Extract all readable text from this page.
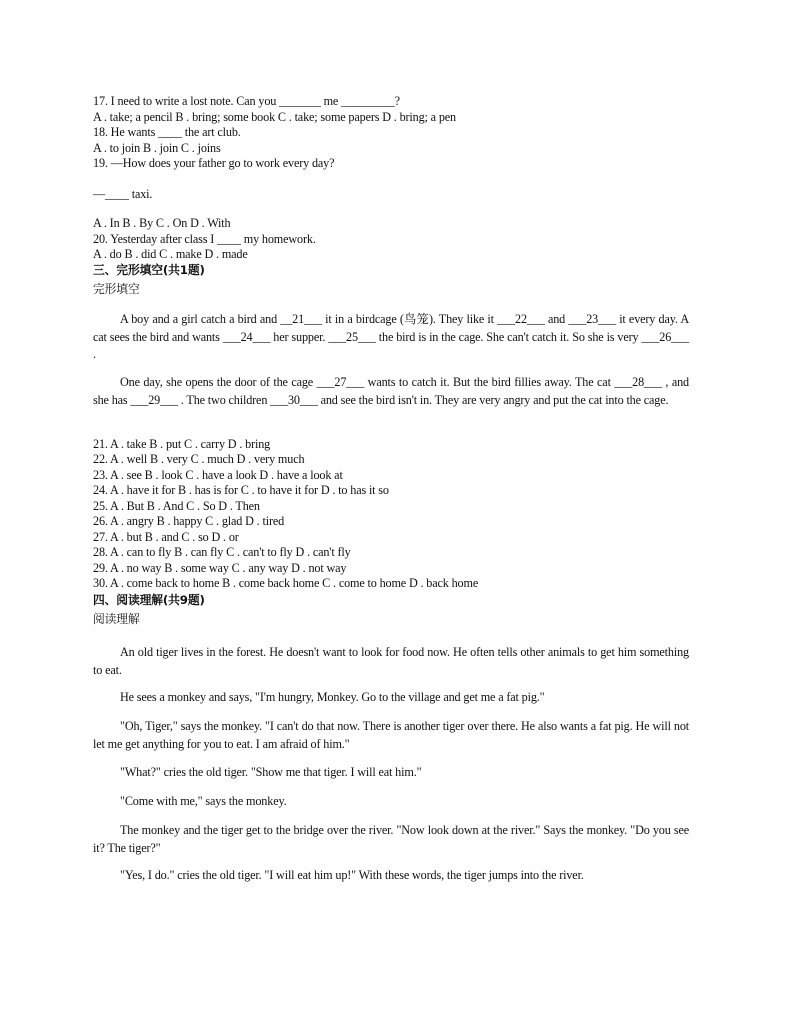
17. I need to write a lost note. Can you _______ me _________?
A . take; a pencil B . bring; some book C . take; some papers D . bring; a pen
18. He wants ____ the art club.
A . to join B . join C . joins
19. —How does your father go to work every day?
—____ taxi.
A . In B . By C . On D . With
20. Yesterday after class I ____ my homework.
A . do B . did C . make D . made
三、完形填空(共1题)
完形填空
A boy and a girl catch a bird and __21___ it in a birdcage (鸟笼). They like it ___22___ and ___23___ it every day. A cat sees the bird and wants ___24___ her supper. ___25___ the bird is in the cage. She can't catch it. So she is very ___26___ .
One day, she opens the door of the cage ___27___ wants to catch it. But the bird fillies away. The cat ___28___ , and she has ___29___ . The two children ___30___ and see the bird isn't in. They are very angry and put the cat into the cage.
21. A . take B . put C . carry D . bring
22. A . well B . very C . much D . very much
23. A . see B . look C . have a look D . have a look at
24. A . have it for B . has is for C . to have it for D . to has it so
25. A . But B . And C . So D . Then
26. A . angry B . happy C . glad D . tired
27. A . but B . and C . so D . or
28. A . can to fly B . can fly C . can't to fly D . can't fly
29. A . no way B . some way C . any way D . not way
30. A . come back to home B . come back home C . come to home D . back home
四、阅读理解(共9题)
阅读理解
An old tiger lives in the forest. He doesn't want to look for food now. He often tells other animals to get him something to eat.
He sees a monkey and says, "I'm hungry, Monkey. Go to the village and get me a fat pig."
"Oh, Tiger," says the monkey. "I can't do that now. There is another tiger over there. He also wants a fat pig. He will not let me get anything for you to eat. I am afraid of him."
"What?" cries the old tiger. "Show me that tiger. I will eat him."
"Come with me," says the monkey.
The monkey and the tiger get to the bridge over the river. "Now look down at the river." Says the monkey. "Do you see it? The tiger?"
"Yes, I do." cries the old tiger. "I will eat him up!" With these words, the tiger jumps into the river.
